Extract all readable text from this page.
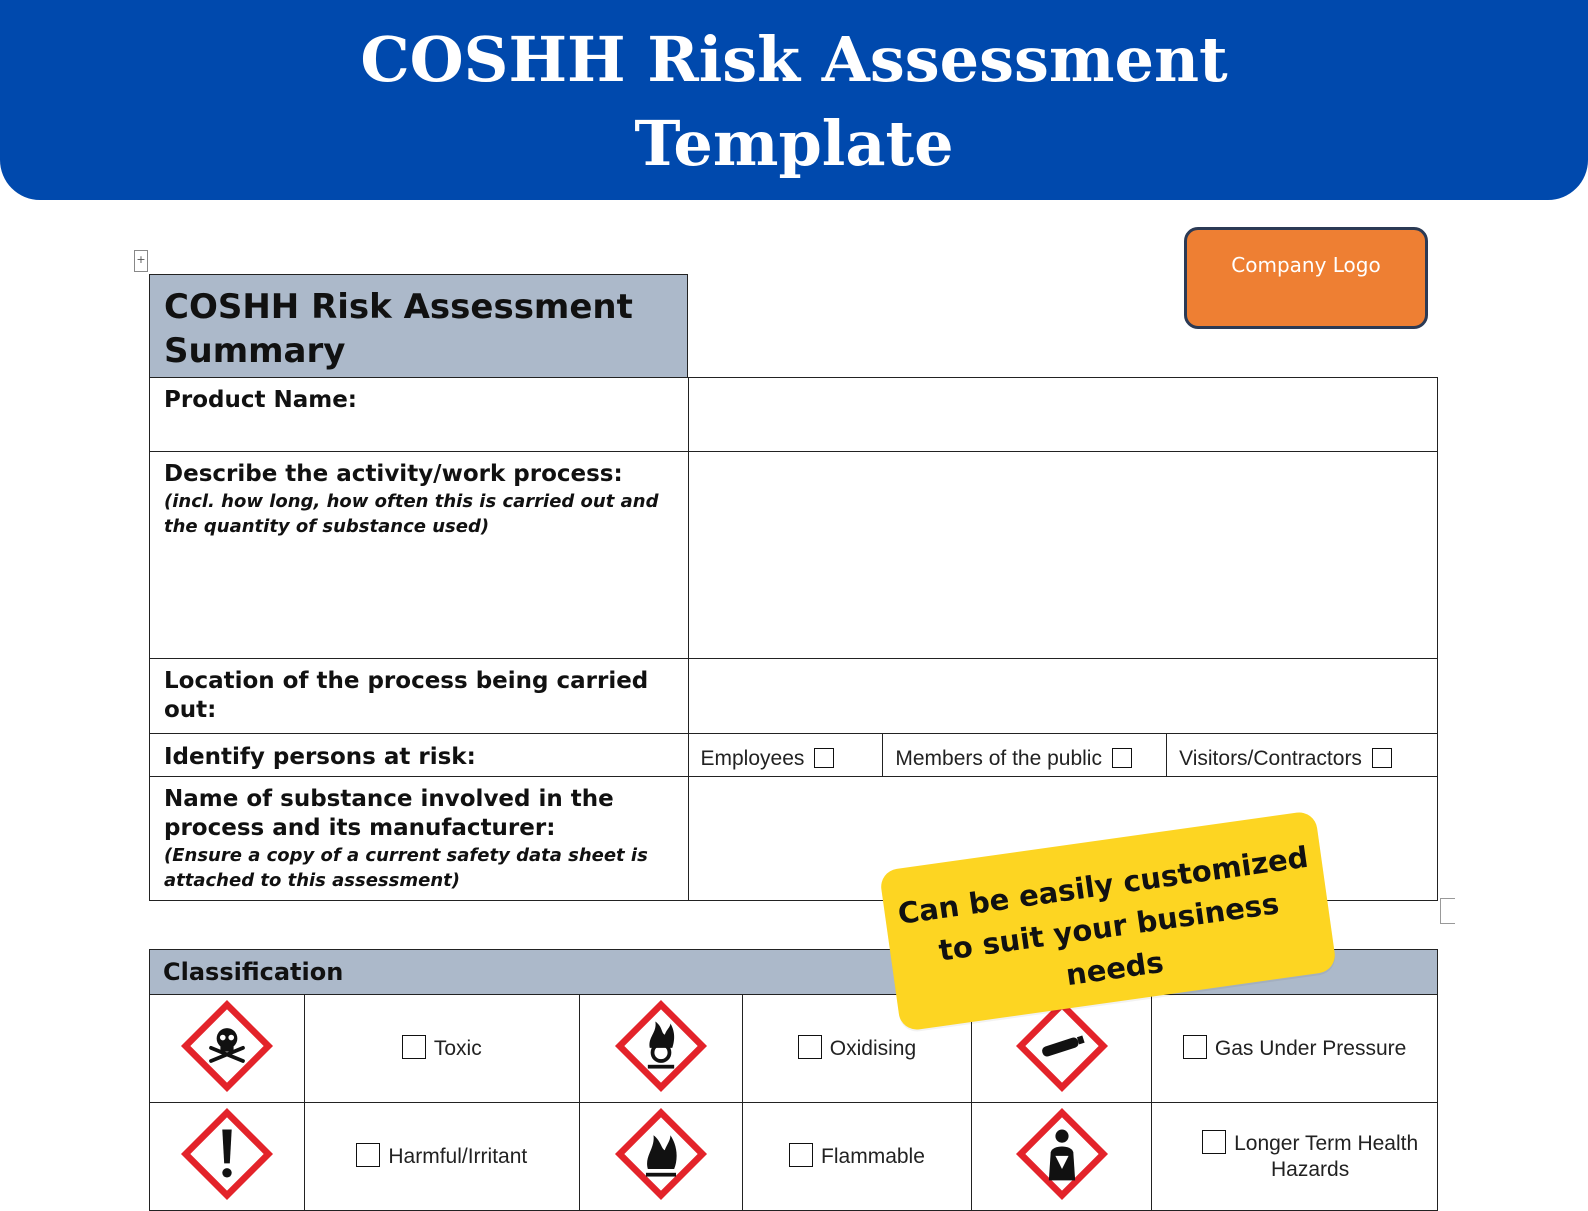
COSHH Risk Assessment
Template
+	Company Logo
COSHH Risk Assessment Summary
Product Name:			
Describe the activity/work process:
(incl. how long, how often this is carried out and the quantity of substance used)			

Location of the process being carried out:			
Identify persons at risk:	Employees	Members of the public	Visitors/Contractors
Name of substance involved in the process and its manufacturer:
(Ensure a copy of a current safety data sheet is attached to this assessment)			

Classification
	Toxic		Oxidising		Gas Under Pressure
	Harmful/Irritant		Flammable		Longer Term Health Hazards
Can be easily customized to suit your business needs
